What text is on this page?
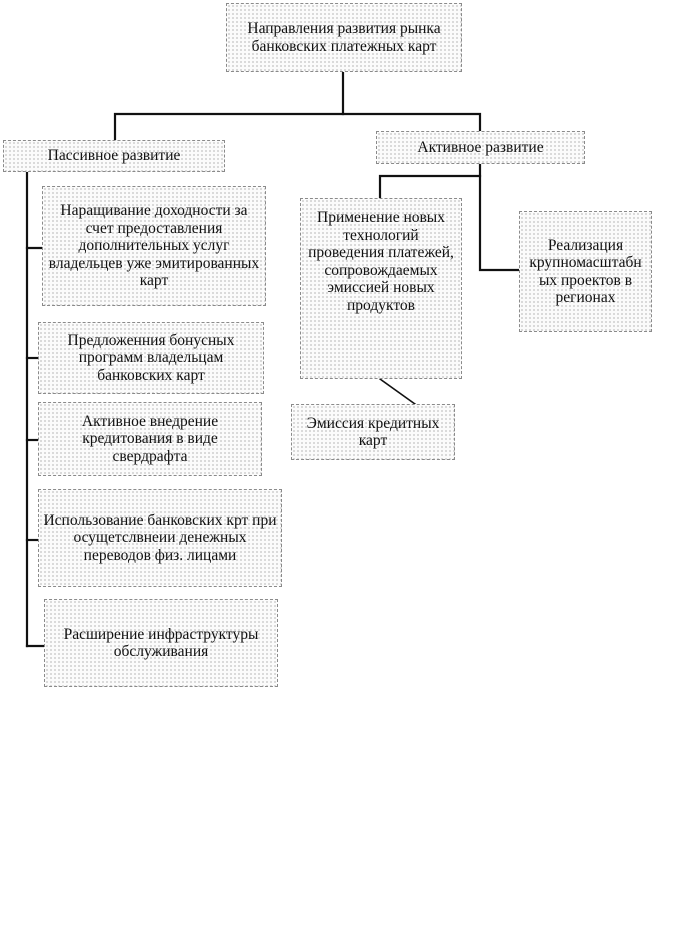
Направления развития рынка банковских платежных карт
Пассивное развитие	Активное развитие
Наращивание доходности за счет предоставления дополнительных услуг владельцев уже эмитированных карт
Предложенния бонусных программ владельцам банковских карт
Активное внедрение кредитования в виде свердрафта
Использование банковских крт при осущетслвнеии денежных переводов физ. лицами
Расширение инфраструктуры обслуживания
Применение новых технологий проведения платежей, сопровождаемых эмиссией новых продуктов
Реализация крупномасштабн ых проектов в регионах
Эмиссия кредитных карт
